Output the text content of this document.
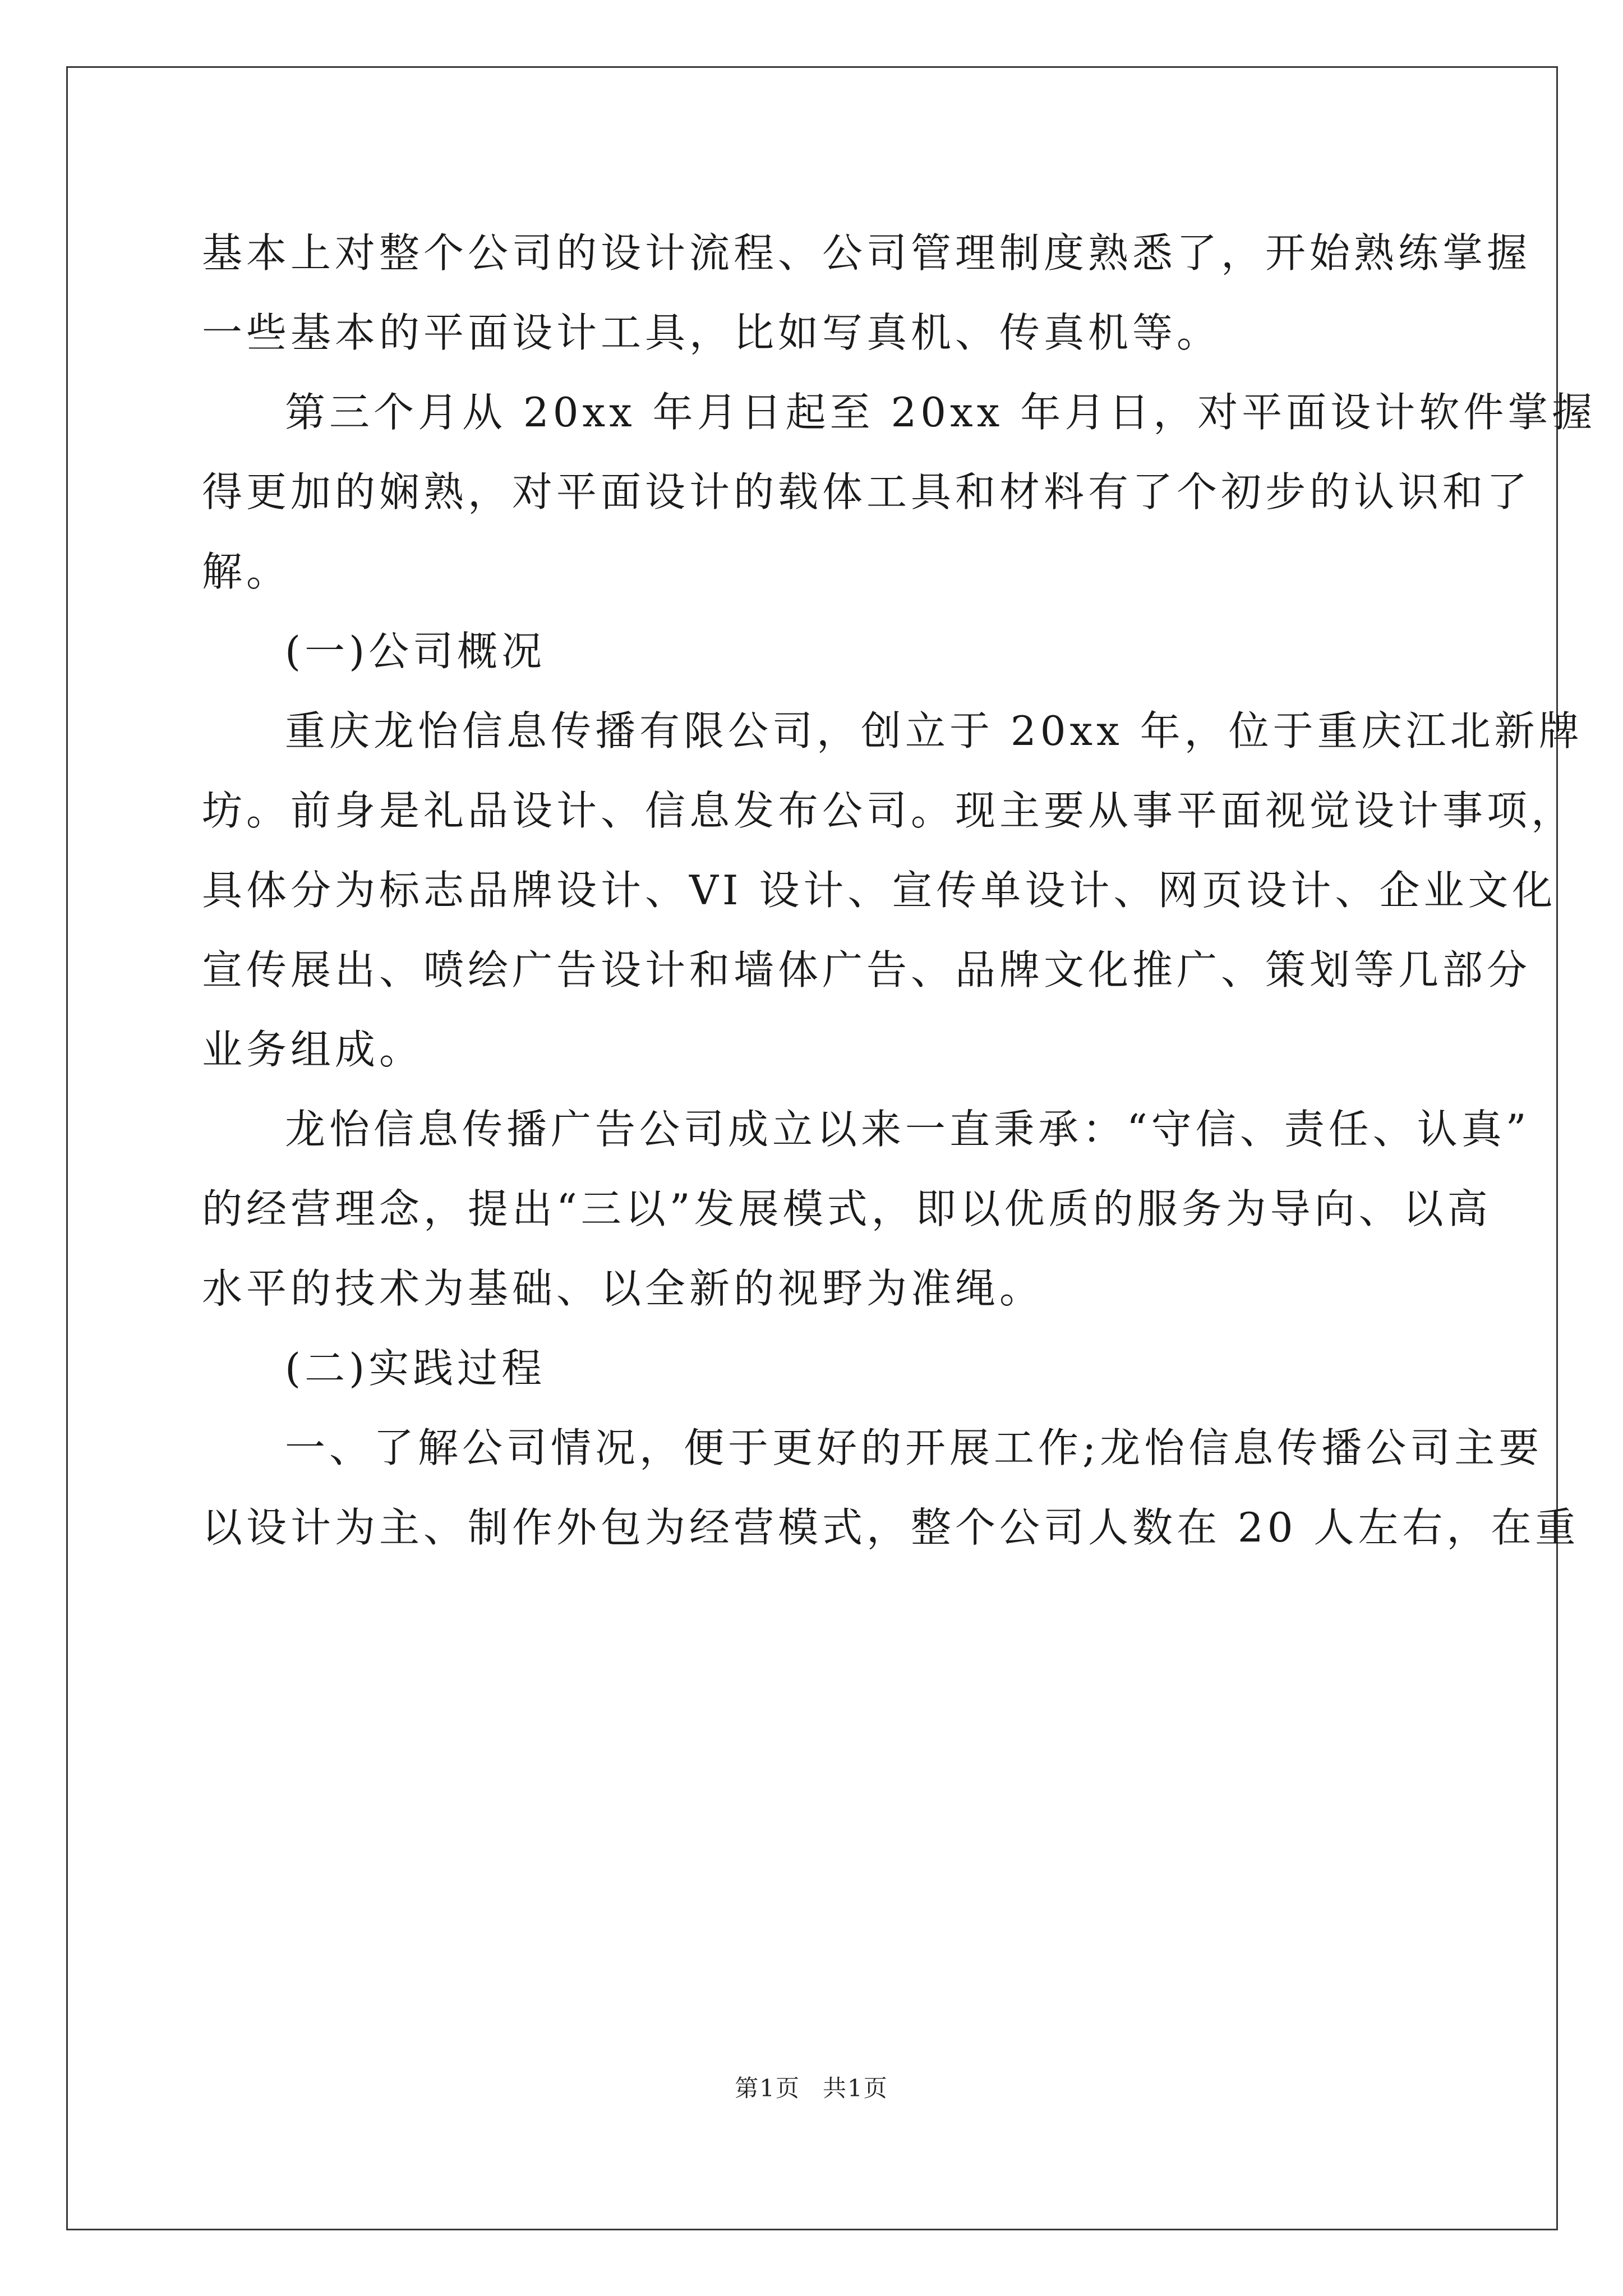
基本上对整个公司的设计流程、公司管理制度熟悉了，开始熟练掌握
一些基本的平面设计工具，比如写真机、传真机等。
第三个月从 20xx 年月日起至 20xx 年月日，对平面设计软件掌握
得更加的娴熟，对平面设计的载体工具和材料有了个初步的认识和了
解。
(一)公司概况
重庆龙怡信息传播有限公司，创立于 20xx 年，位于重庆江北新牌
坊。前身是礼品设计、信息发布公司。现主要从事平面视觉设计事项，
具体分为标志品牌设计、VI 设计、宣传单设计、网页设计、企业文化
宣传展出、喷绘广告设计和墙体广告、品牌文化推广、策划等几部分
业务组成。
龙怡信息传播广告公司成立以来一直秉承：“守信、责任、认真”
的经营理念，提出“三以”发展模式，即以优质的服务为导向、以高
水平的技术为基础、以全新的视野为准绳。
(二)实践过程
一、了解公司情况，便于更好的开展工作;龙怡信息传播公司主要
以设计为主、制作外包为经营模式，整个公司人数在 20 人左右，在重
第1页 共1页
